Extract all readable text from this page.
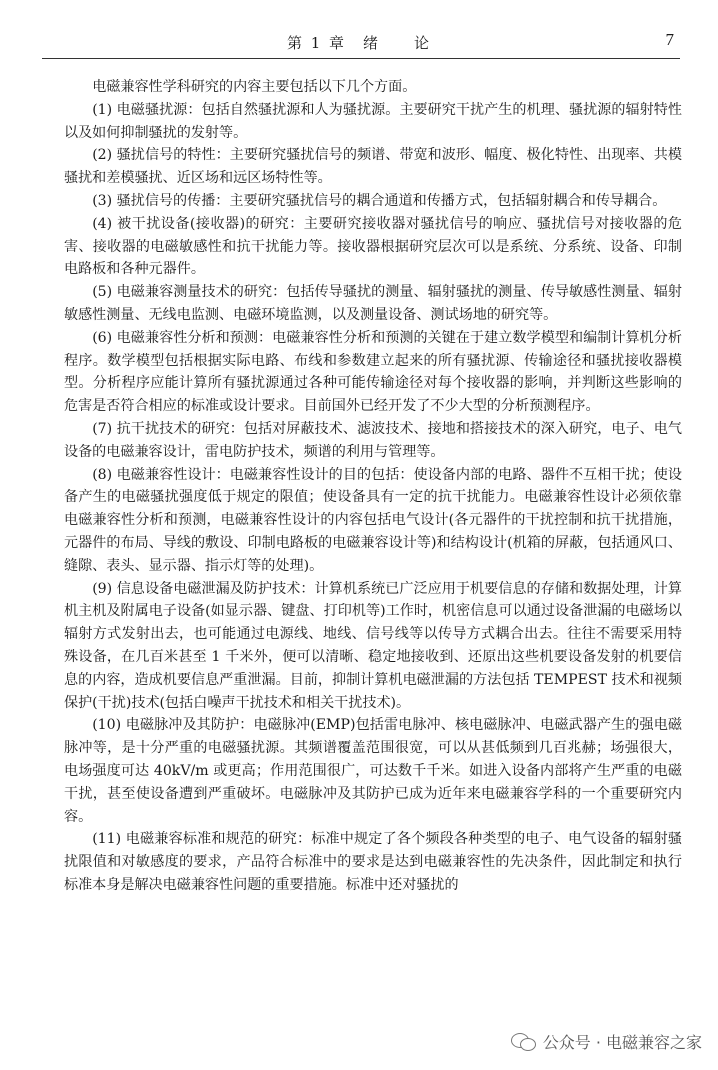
第 1 章　绪　　论	7

电磁兼容性学科研究的内容主要包括以下几个方面。

(1) 电磁骚扰源：包括自然骚扰源和人为骚扰源。主要研究干扰产生的机理、骚扰源的辐射特性以及如何抑制骚扰的发射等。

(2) 骚扰信号的特性：主要研究骚扰信号的频谱、带宽和波形、幅度、极化特性、出现率、共模骚扰和差模骚扰、近区场和远区场特性等。

(3) 骚扰信号的传播：主要研究骚扰信号的耦合通道和传播方式，包括辐射耦合和传导耦合。

(4) 被干扰设备(接收器)的研究：主要研究接收器对骚扰信号的响应、骚扰信号对接收器的危害、接收器的电磁敏感性和抗干扰能力等。接收器根据研究层次可以是系统、分系统、设备、印制电路板和各种元器件。

(5) 电磁兼容测量技术的研究：包括传导骚扰的测量、辐射骚扰的测量、传导敏感性测量、辐射敏感性测量、无线电监测、电磁环境监测，以及测量设备、测试场地的研究等。

(6) 电磁兼容性分析和预测：电磁兼容性分析和预测的关键在于建立数学模型和编制计算机分析程序。数学模型包括根据实际电路、布线和参数建立起来的所有骚扰源、传输途径和骚扰接收器模型。分析程序应能计算所有骚扰源通过各种可能传输途径对每个接收器的影响，并判断这些影响的危害是否符合相应的标准或设计要求。目前国外已经开发了不少大型的分析预测程序。

(7) 抗干扰技术的研究：包括对屏蔽技术、滤波技术、接地和搭接技术的深入研究，电子、电气设备的电磁兼容设计，雷电防护技术，频谱的利用与管理等。

(8) 电磁兼容性设计：电磁兼容性设计的目的包括：使设备内部的电路、器件不互相干扰；使设备产生的电磁骚扰强度低于规定的限值；使设备具有一定的抗干扰能力。电磁兼容性设计必须依靠电磁兼容性分析和预测，电磁兼容性设计的内容包括电气设计(各元器件的干扰控制和抗干扰措施，元器件的布局、导线的敷设、印制电路板的电磁兼容设计等)和结构设计(机箱的屏蔽，包括通风口、缝隙、表头、显示器、指示灯等的处理)。

(9) 信息设备电磁泄漏及防护技术：计算机系统已广泛应用于机要信息的存储和数据处理，计算机主机及附属电子设备(如显示器、键盘、打印机等)工作时，机密信息可以通过设备泄漏的电磁场以辐射方式发射出去，也可能通过电源线、地线、信号线等以传导方式耦合出去。往往不需要采用特殊设备，在几百米甚至 1 千米外，便可以清晰、稳定地接收到、还原出这些机要设备发射的机要信息的内容，造成机要信息严重泄漏。目前，抑制计算机电磁泄漏的方法包括 TEMPEST 技术和视频保护(干扰)技术(包括白噪声干扰技术和相关干扰技术)。

(10) 电磁脉冲及其防护：电磁脉冲(EMP)包括雷电脉冲、核电磁脉冲、电磁武器产生的强电磁脉冲等，是十分严重的电磁骚扰源。其频谱覆盖范围很宽，可以从甚低频到几百兆赫；场强很大，电场强度可达 40kV/m 或更高；作用范围很广，可达数千千米。如进入设备内部将产生严重的电磁干扰，甚至使设备遭到严重破坏。电磁脉冲及其防护已成为近年来电磁兼容学科的一个重要研究内容。

(11) 电磁兼容标准和规范的研究：标准中规定了各个频段各种类型的电子、电气设备的辐射骚扰限值和对敏感度的要求，产品符合标准中的要求是达到电磁兼容性的先决条件，因此制定和执行标准本身是解决电磁兼容性问题的重要措施。标准中还对骚扰的

公众号 · 电磁兼容之家
